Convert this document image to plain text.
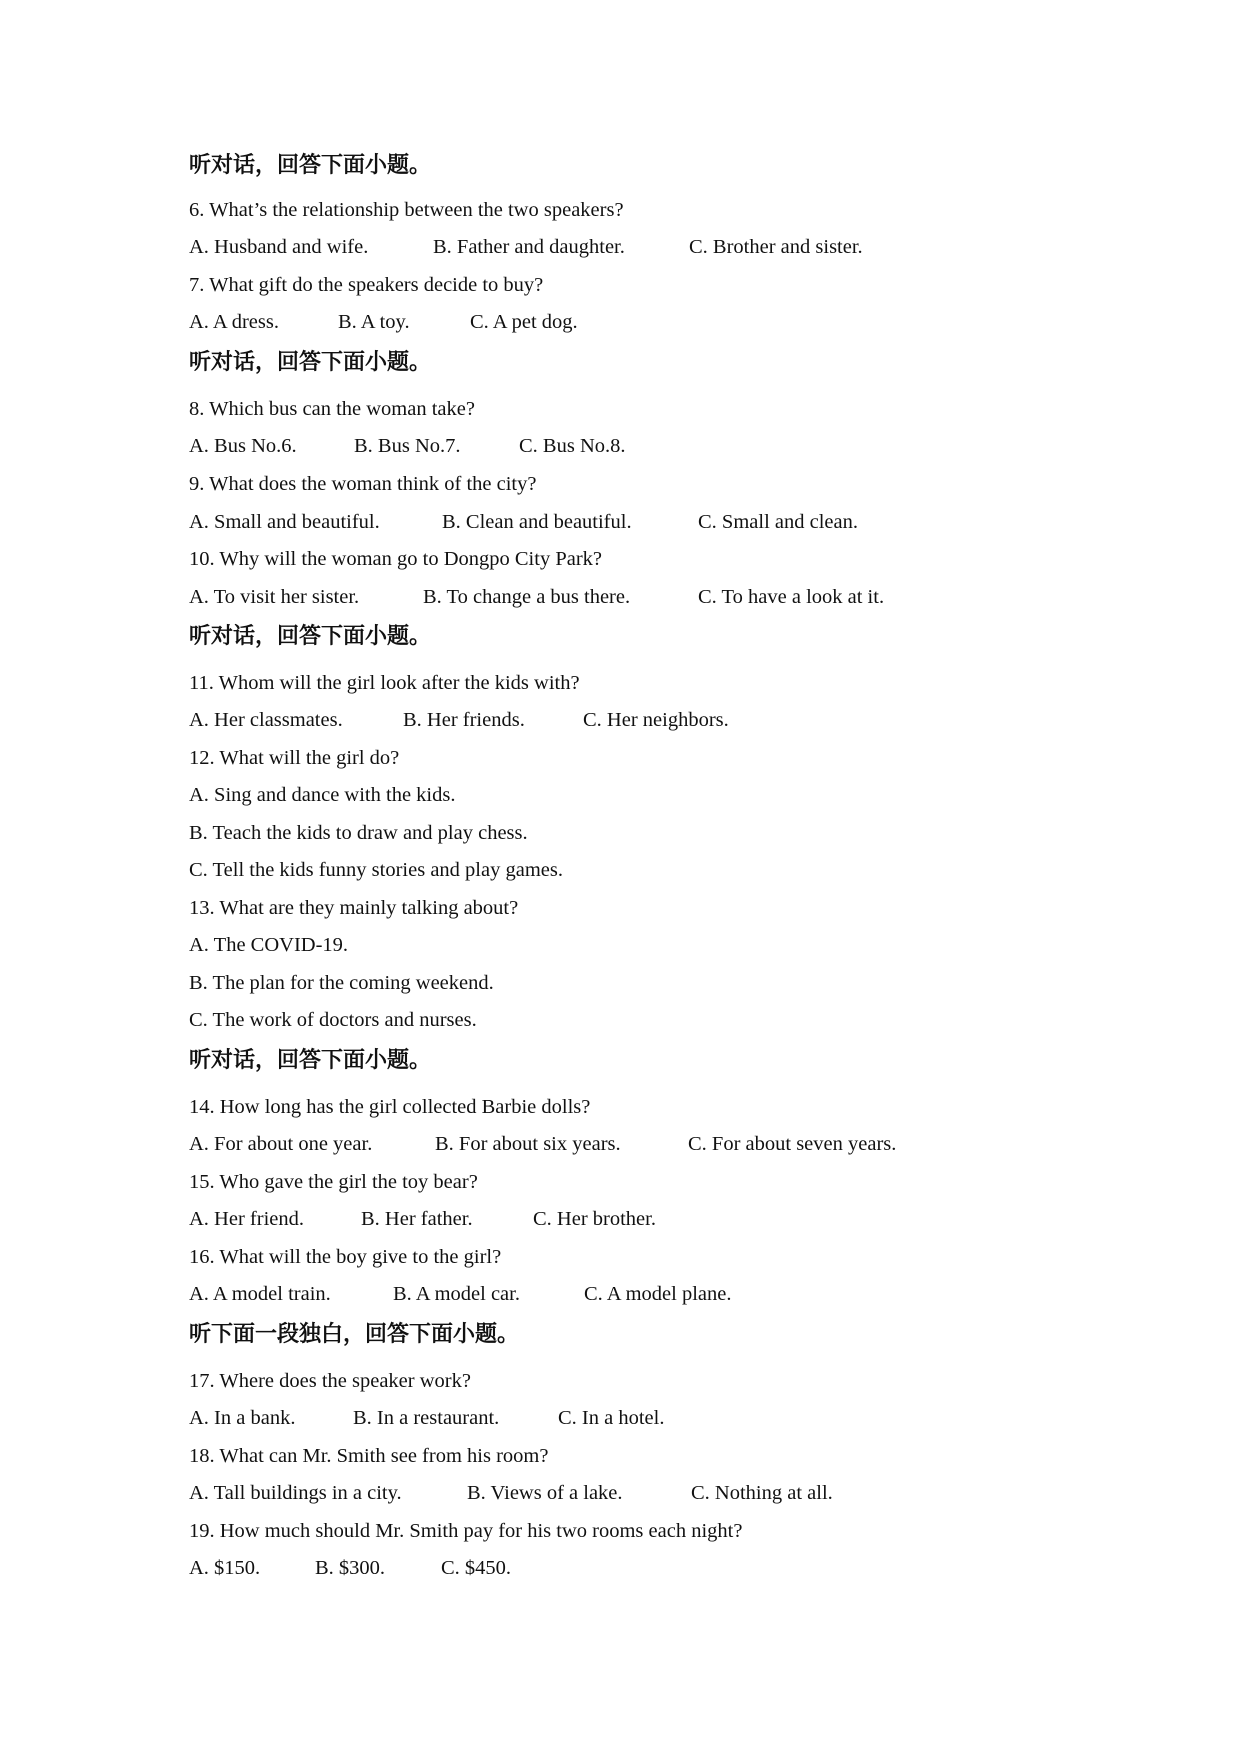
听对话，回答下面小题。
6. What’s the relationship between the two speakers?
A. Husband and wife.	B. Father and daughter.	C. Brother and sister.
7. What gift do the speakers decide to buy?
A. A dress.	B. A toy.	C. A pet dog.
听对话，回答下面小题。
8. Which bus can the woman take?
A. Bus No.6.	B. Bus No.7.	C. Bus No.8.
9. What does the woman think of the city?
A. Small and beautiful.	B. Clean and beautiful.	C. Small and clean.
10. Why will the woman go to Dongpo City Park?
A. To visit her sister.	B. To change a bus there.	C. To have a look at it.
听对话，回答下面小题。
11. Whom will the girl look after the kids with?
A. Her classmates.	B. Her friends.	C. Her neighbors.
12. What will the girl do?
A. Sing and dance with the kids.
B. Teach the kids to draw and play chess.
C. Tell the kids funny stories and play games.
13. What are they mainly talking about?
A. The COVID-19.
B. The plan for the coming weekend.
C. The work of doctors and nurses.
听对话，回答下面小题。
14. How long has the girl collected Barbie dolls?
A. For about one year.	B. For about six years.	C. For about seven years.
15. Who gave the girl the toy bear?
A. Her friend.	B. Her father.	C. Her brother.
16. What will the boy give to the girl?
A. A model train.	B. A model car.	C. A model plane.
听下面一段独白，回答下面小题。
17. Where does the speaker work?
A. In a bank.	B. In a restaurant.	C. In a hotel.
18. What can Mr. Smith see from his room?
A. Tall buildings in a city.	B. Views of a lake.	C. Nothing at all.
19. How much should Mr. Smith pay for his two rooms each night?
A. $150.	B. $300.	C. $450.
